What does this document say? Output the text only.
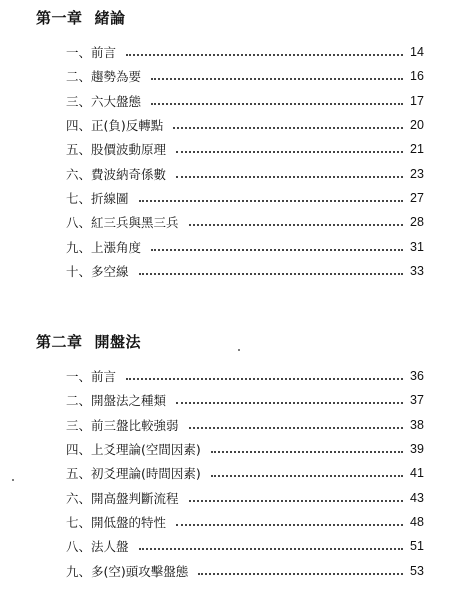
第一章 緒論
一、前言	14
二、趨勢為要	16
三、六大盤態	17
四、正(負)反轉點	20
五、股價波動原理	21
六、費波納奇係數	23
七、折線圖	27
八、紅三兵與黑三兵	28
九、上漲角度	31
十、多空線	33
第二章 開盤法
一、前言	36
二、開盤法之種類	37
三、前三盤比較強弱	38
四、上爻理論(空間因素)	39
五、初爻理論(時間因素)	41
六、開高盤判斷流程	43
七、開低盤的特性	48
八、法人盤	51
九、多(空)頭攻擊盤態	53
